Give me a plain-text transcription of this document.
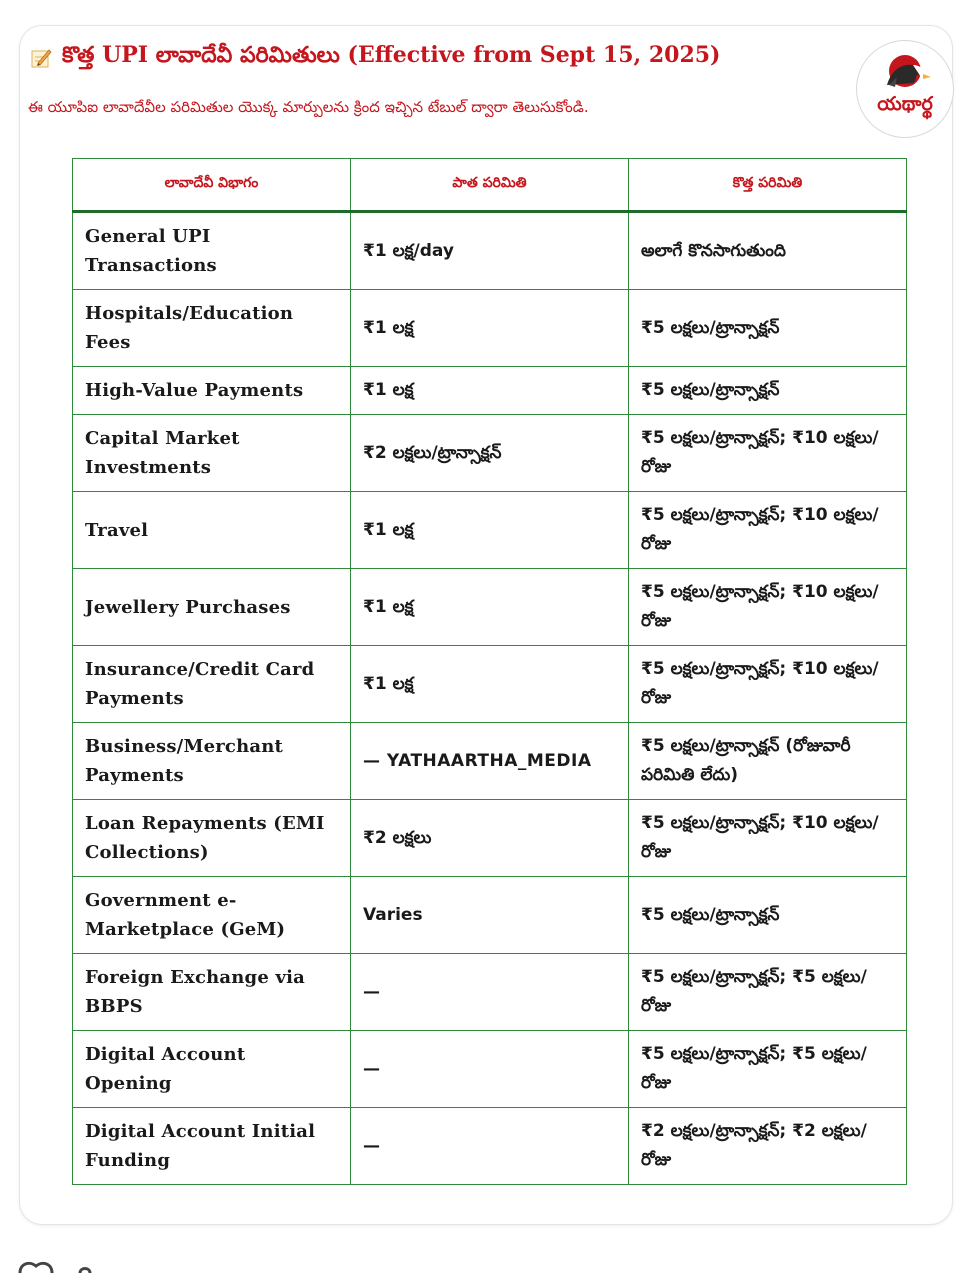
కొత్త UPI లావాదేవీ పరిమితులు (Effective from Sept 15, 2025)
ఈ యూపిఐ లావాదేవీల పరిమితుల యొక్క మార్పులను క్రింద ఇచ్చిన టేబుల్ ద్వారా తెలుసుకోండి.	యథార్థ
లావాదేవీ విభాగం	పాత పరిమితి	కొత్త పరిమితి
General UPI Transactions	₹1 లక్ష/day	అలాగే కొనసాగుతుంది
Hospitals/Education Fees	₹1 లక్ష	₹5 లక్షలు/ట్రాన్సాక్షన్
High-Value Payments	₹1 లక్ష	₹5 లక్షలు/ట్రాన్సాక్షన్
Capital Market Investments	₹2 లక్షలు/ట్రాన్సాక్షన్	₹5 లక్షలు/ట్రాన్సాక్షన్; ₹10 లక్షలు/రోజు
Travel	₹1 లక్ష	₹5 లక్షలు/ట్రాన్సాక్షన్; ₹10 లక్షలు/రోజు
Jewellery Purchases	₹1 లక్ష	₹5 లక్షలు/ట్రాన్సాక్షన్; ₹10 లక్షలు/రోజు
Insurance/Credit Card Payments	₹1 లక్ష	₹5 లక్షలు/ట్రాన్సాక్షన్; ₹10 లక్షలు/రోజు
Business/Merchant Payments	— YATHAARTHA_MEDIA	₹5 లక్షలు/ట్రాన్సాక్షన్ (రోజువారీ పరిమితి లేదు)
Loan Repayments (EMI Collections)	₹2 లక్షలు	₹5 లక్షలు/ట్రాన్సాక్షన్; ₹10 లక్షలు/రోజు
Government e-Marketplace (GeM)	Varies	₹5 లక్షలు/ట్రాన్సాక్షన్
Foreign Exchange via BBPS	—	₹5 లక్షలు/ట్రాన్సాక్షన్; ₹5 లక్షలు/రోజు
Digital Account Opening	—	₹5 లక్షలు/ట్రాన్సాక్షన్; ₹5 లక్షలు/రోజు
Digital Account Initial Funding	—	₹2 లక్షలు/ట్రాన్సాక్షన్; ₹2 లక్షలు/రోజు
